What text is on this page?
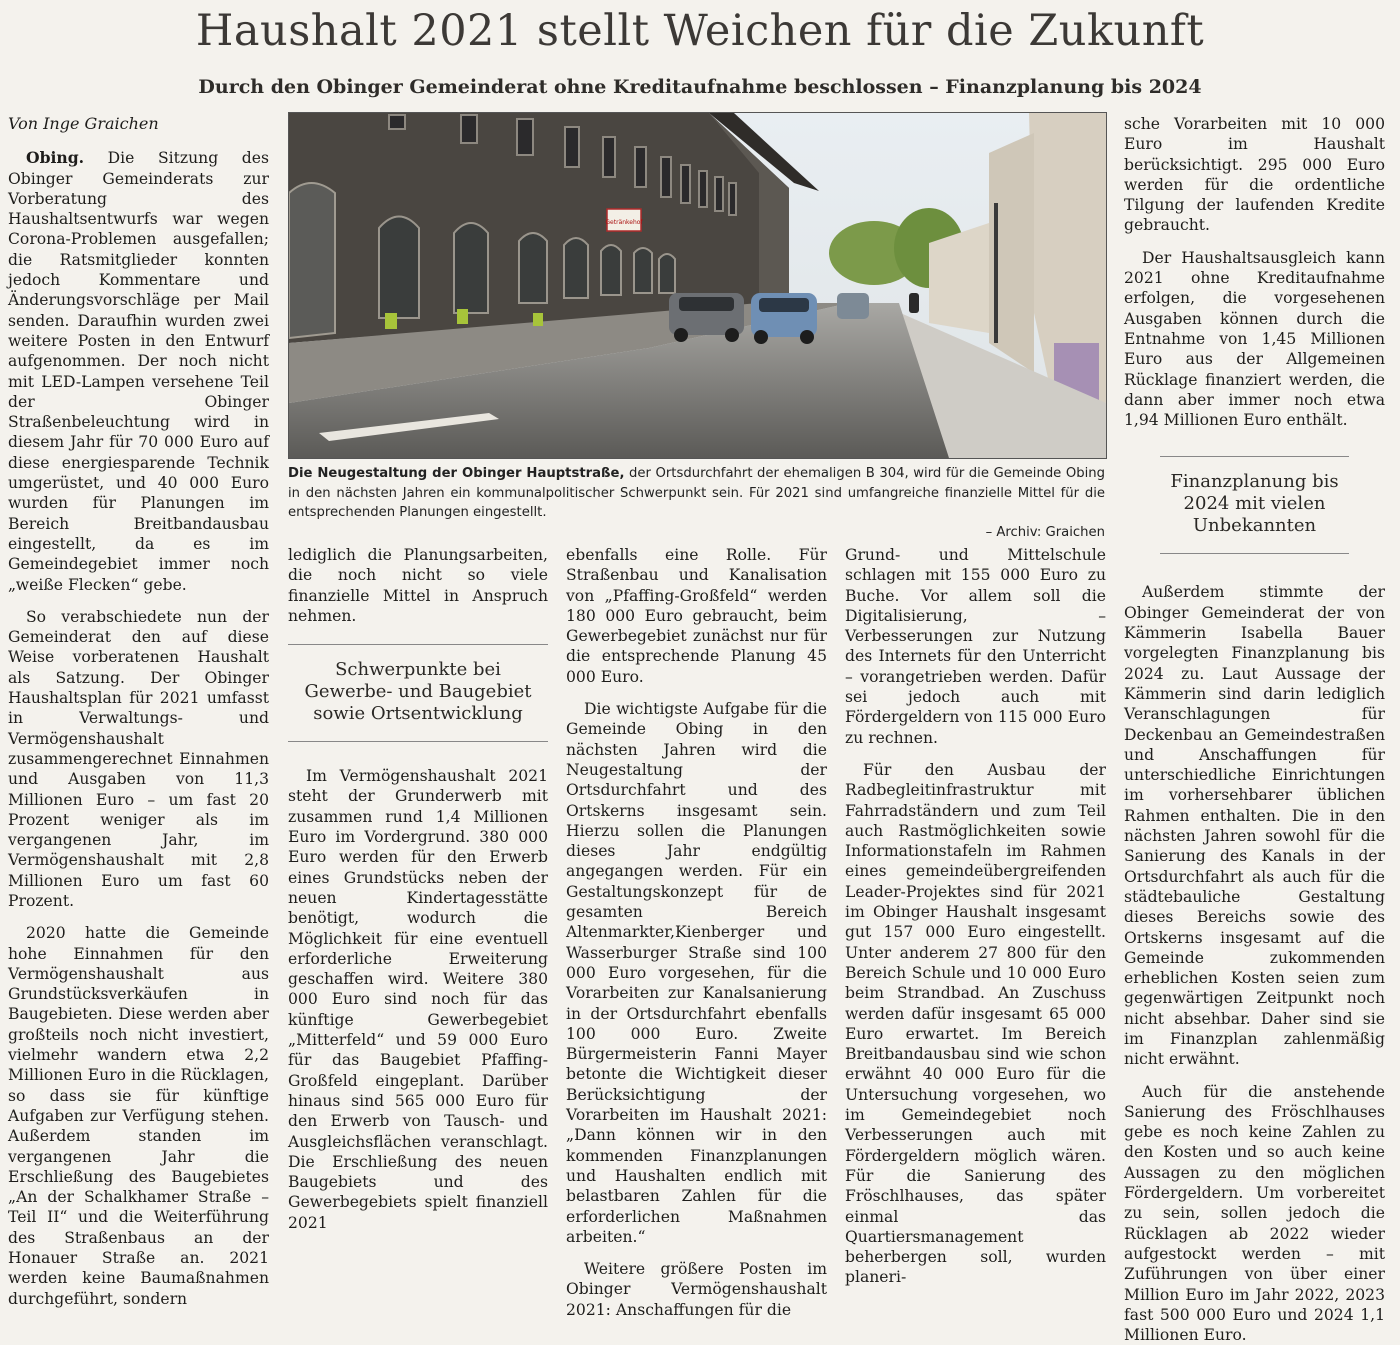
Haushalt 2021 stellt Weichen für die Zukunft
Durch den Obinger Gemeinderat ohne Kreditaufnahme beschlossen – Finanzplanung bis 2024
Von Inge Graichen

Obing. Die Sitzung des Obinger Gemeinderats zur Vorberatung des Haushaltsentwurfs war wegen Corona-Problemen ausgefallen; die Ratsmitglieder konnten jedoch Kommentare und Änderungsvorschläge per Mail senden. Daraufhin wurden zwei weitere Posten in den Entwurf aufgenommen. Der noch nicht mit LED-Lampen versehene Teil der Obinger Straßenbeleuchtung wird in diesem Jahr für 70 000 Euro auf diese energiesparende Technik umgerüstet, und 40 000 Euro wurden für Planungen im Bereich Breitbandausbau eingestellt, da es im Gemeindegebiet immer noch „weiße Flecken“ gebe.

So verabschiedete nun der Gemeinderat den auf diese Weise vorberatenen Haushalt als Satzung. Der Obinger Haushaltsplan für 2021 umfasst in Verwaltungs- und Vermögenshaushalt zusammengerechnet Einnahmen und Ausgaben von 11,3 Millionen Euro – um fast 20 Prozent weniger als im vergangenen Jahr, im Vermögenshaushalt mit 2,8 Millionen Euro um fast 60 Prozent.

2020 hatte die Gemeinde hohe Einnahmen für den Vermögenshaushalt aus Grundstücksverkäufen in Baugebieten. Diese werden aber großteils noch nicht investiert, vielmehr wandern etwa 2,2 Millionen Euro in die Rücklagen, so dass sie für künftige Aufgaben zur Verfügung stehen. Außerdem standen im vergangenen Jahr die Erschließung des Baugebietes „An der Schalkhamer Straße – Teil II“ und die Weiterführung des Straßenbaus an der Honauer Straße an. 2021 werden keine Baumaßnahmen durchgeführt, sondern

Getränkehof
Die Neugestaltung der Obinger Hauptstraße, der Ortsdurchfahrt der ehemaligen B 304, wird für die Gemeinde Obing in den nächsten Jahren ein kommunalpolitischer Schwerpunkt sein. Für 2021 sind umfangreiche finanzielle Mittel für die entsprechenden Planungen eingestellt.
– Archiv: Graichen

lediglich die Planungsarbeiten, die noch nicht so viele finanzielle Mittel in Anspruch nehmen.

Schwerpunkte bei Gewerbe- und Baugebiet sowie Ortsentwicklung

Im Vermögenshaushalt 2021 steht der Grunderwerb mit zusammen rund 1,4 Millionen Euro im Vordergrund. 380 000 Euro werden für den Erwerb eines Grundstücks neben der neuen Kindertagesstätte benötigt, wodurch die Möglichkeit für eine eventuell erforderliche Erweiterung geschaffen wird. Weitere 380 000 Euro sind noch für das künftige Gewerbegebiet „Mitterfeld“ und 59 000 Euro für das Baugebiet Pfaffing-Großfeld eingeplant. Darüber hinaus sind 565 000 Euro für den Erwerb von Tausch- und Ausgleichsflächen veranschlagt. Die Erschließung des neuen Baugebiets und des Gewerbegebiets spielt finanziell 2021

ebenfalls eine Rolle. Für Straßenbau und Kanalisation von „Pfaffing-Großfeld“ werden 180 000 Euro gebraucht, beim Gewerbegebiet zunächst nur für die entsprechende Planung 45 000 Euro.

Die wichtigste Aufgabe für die Gemeinde Obing in den nächsten Jahren wird die Neugestaltung der Ortsdurchfahrt und des Ortskerns insgesamt sein. Hierzu sollen die Planungen dieses Jahr endgültig angegangen werden. Für ein Gestaltungskonzept für de gesamten Bereich Altenmarkter,Kienberger und Wasserburger Straße sind 100 000 Euro vorgesehen, für die Vorarbeiten zur Kanalsanierung in der Ortsdurchfahrt ebenfalls 100 000 Euro. Zweite Bürgermeisterin Fanni Mayer betonte die Wichtigkeit dieser Berücksichtigung der Vorarbeiten im Haushalt 2021: „Dann können wir in den kommenden Finanzplanungen und Haushalten endlich mit belastbaren Zahlen für die erforderlichen Maßnahmen arbeiten.“

Weitere größere Posten im Obinger Vermögenshaushalt 2021: Anschaffungen für die

Grund- und Mittelschule schlagen mit 155 000 Euro zu Buche. Vor allem soll die Digitalisierung, – Verbesserungen zur Nutzung des Internets für den Unterricht – vorangetrieben werden. Dafür sei jedoch auch mit Fördergeldern von 115 000 Euro zu rechnen.

Für den Ausbau der Radbegleitinfrastruktur mit Fahrradständern und zum Teil auch Rastmöglichkeiten sowie Informationstafeln im Rahmen eines gemeindeübergreifenden Leader-Projektes sind für 2021 im Obinger Haushalt insgesamt gut 157 000 Euro eingestellt. Unter anderem 27 800 für den Bereich Schule und 10 000 Euro beim Strandbad. An Zuschuss werden dafür insgesamt 65 000 Euro erwartet. Im Bereich Breitbandausbau sind wie schon erwähnt 40 000 Euro für die Untersuchung vorgesehen, wo im Gemeindegebiet noch Verbesserungen auch mit Fördergeldern möglich wären. Für die Sanierung des Fröschlhauses, das später einmal das Quartiersmanagement beherbergen soll, wurden planeri-

sche Vorarbeiten mit 10 000 Euro im Haushalt berücksichtigt. 295 000 Euro werden für die ordentliche Tilgung der laufenden Kredite gebraucht.

Der Haushaltsausgleich kann 2021 ohne Kreditaufnahme erfolgen, die vorgesehenen Ausgaben können durch die Entnahme von 1,45 Millionen Euro aus der Allgemeinen Rücklage finanziert werden, die dann aber immer noch etwa 1,94 Millionen Euro enthält.

Finanzplanung bis 2024 mit vielen Unbekannten

Außerdem stimmte der Obinger Gemeinderat der von Kämmerin Isabella Bauer vorgelegten Finanzplanung bis 2024 zu. Laut Aussage der Kämmerin sind darin lediglich Veranschlagungen für Deckenbau an Gemeindestraßen und Anschaffungen für unterschiedliche Einrichtungen im vorhersehbarer üblichen Rahmen enthalten. Die in den nächsten Jahren sowohl für die Sanierung des Kanals in der Ortsdurchfahrt als auch für die städtebauliche Gestaltung dieses Bereichs sowie des Ortskerns insgesamt auf die Gemeinde zukommenden erheblichen Kosten seien zum gegenwärtigen Zeitpunkt noch nicht absehbar. Daher sind sie im Finanzplan zahlenmäßig nicht erwähnt.

Auch für die anstehende Sanierung des Fröschlhauses gebe es noch keine Zahlen zu den Kosten und so auch keine Aussagen zu den möglichen Fördergeldern. Um vorbereitet zu sein, sollen jedoch die Rücklagen ab 2022 wieder aufgestockt werden – mit Zuführungen von über einer Million Euro im Jahr 2022, 2023 fast 500 000 Euro und 2024 1,1 Millionen Euro.
